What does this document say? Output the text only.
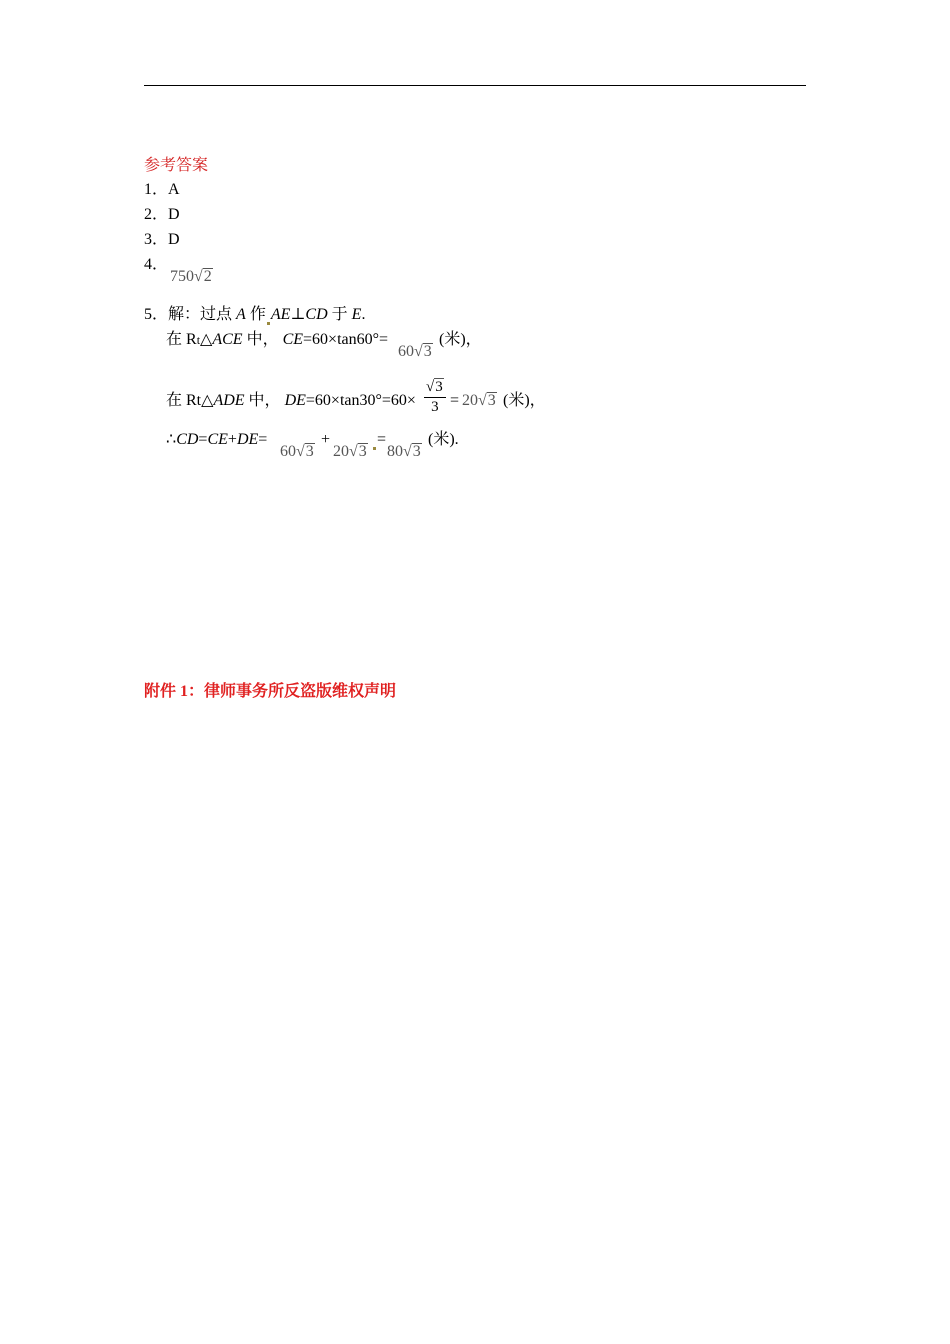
参考答案
1．A
2．D
3．D
4．
750√2
5．解：过点 A 作 AE⊥CD 于 E.
在 Rt△ACE 中， CE=60×tan60°=
60√3
(米)，
在 Rt△ADE 中， $DE=60\times\tan 30^\circ=60\times \frac{√3}{3} = 20√3$ (米)，
∴CD=CE+DE=
60√3
+
20√3
=
80√3
(米).
附件 1：律师事务所反盗版维权声明
